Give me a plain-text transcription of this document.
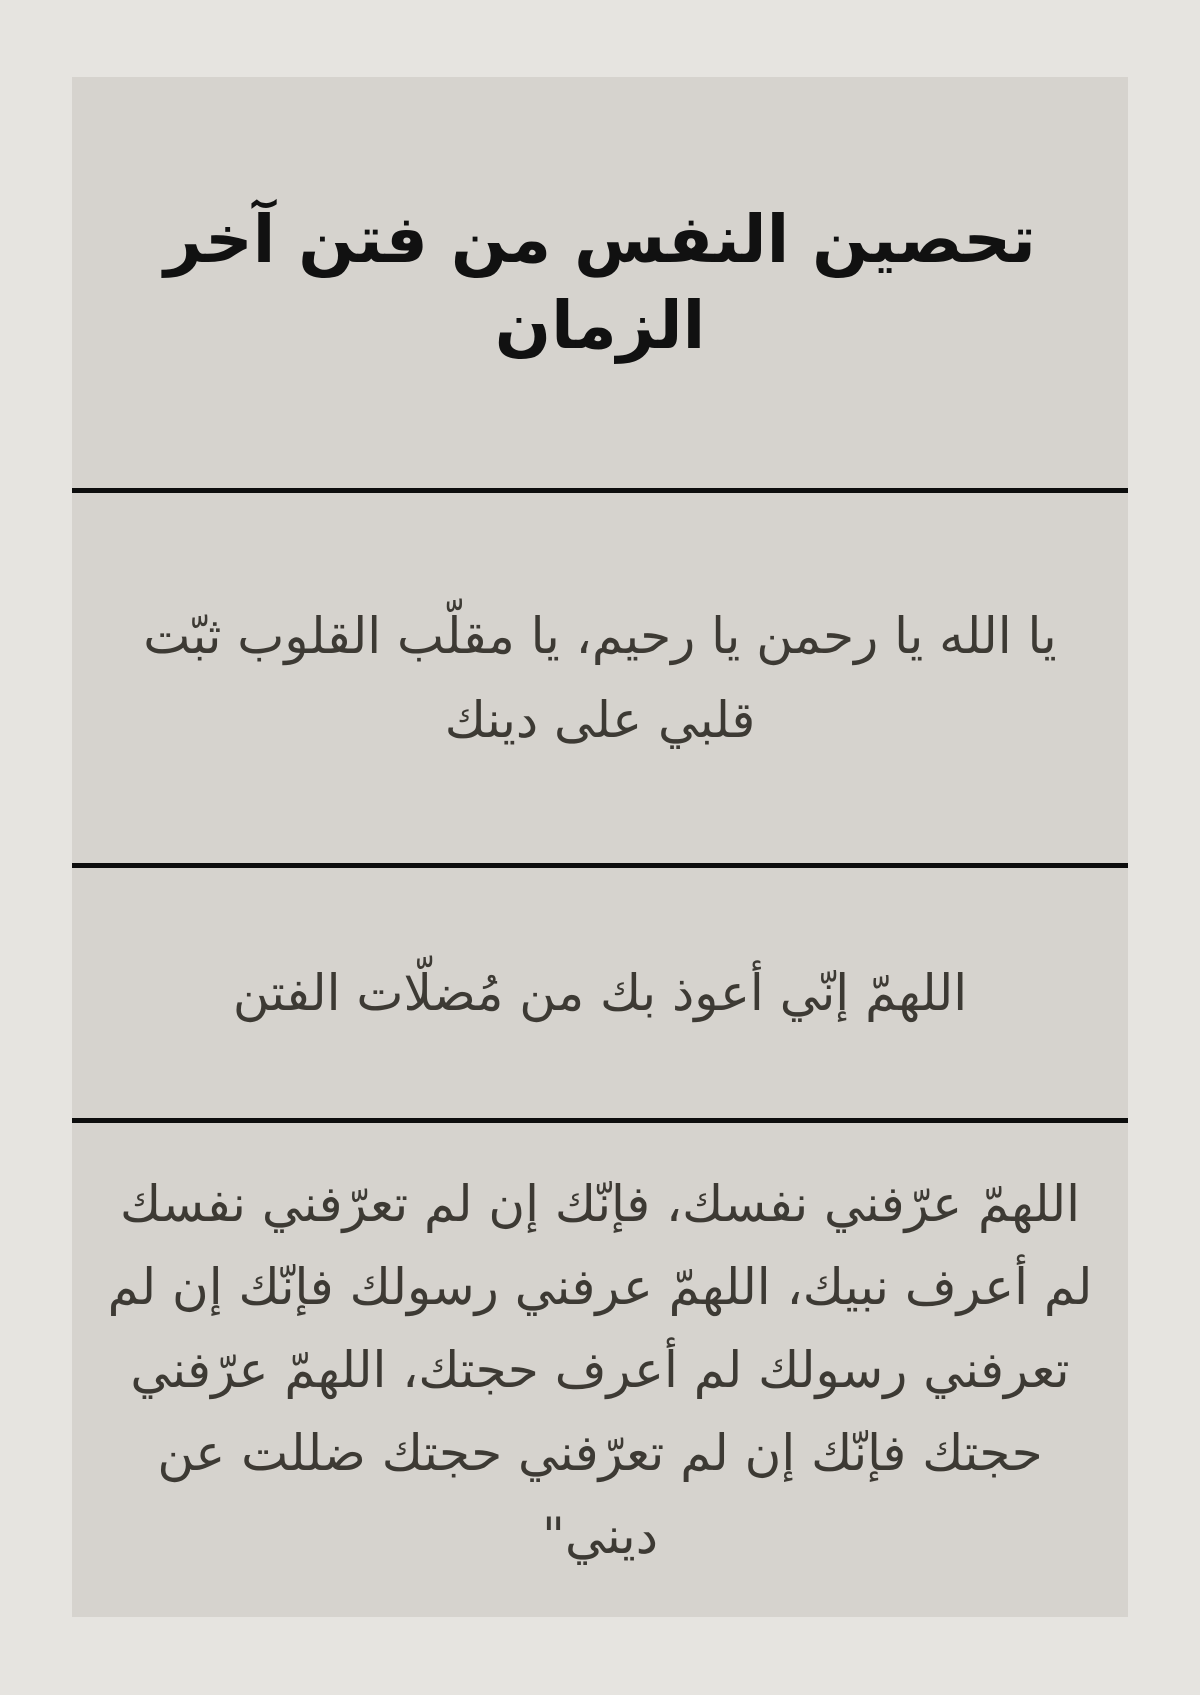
تحصين النفس من فتن آخر الزمان

يا الله يا رحمن يا رحيم، يا مقلّب القلوب ثبّت قلبي على دينك

اللهمّ إنّي أعوذ بك من مُضلّات الفتن

اللهمّ عرّفني نفسك، فإنّك إن لم تعرّفني نفسك لم أعرف نبيك، اللهمّ عرفني رسولك فإنّك إن لم تعرفني رسولك لم أعرف حجتك، اللهمّ عرّفني حجتك فإنّك إن لم تعرّفني حجتك ضللت عن ديني"
